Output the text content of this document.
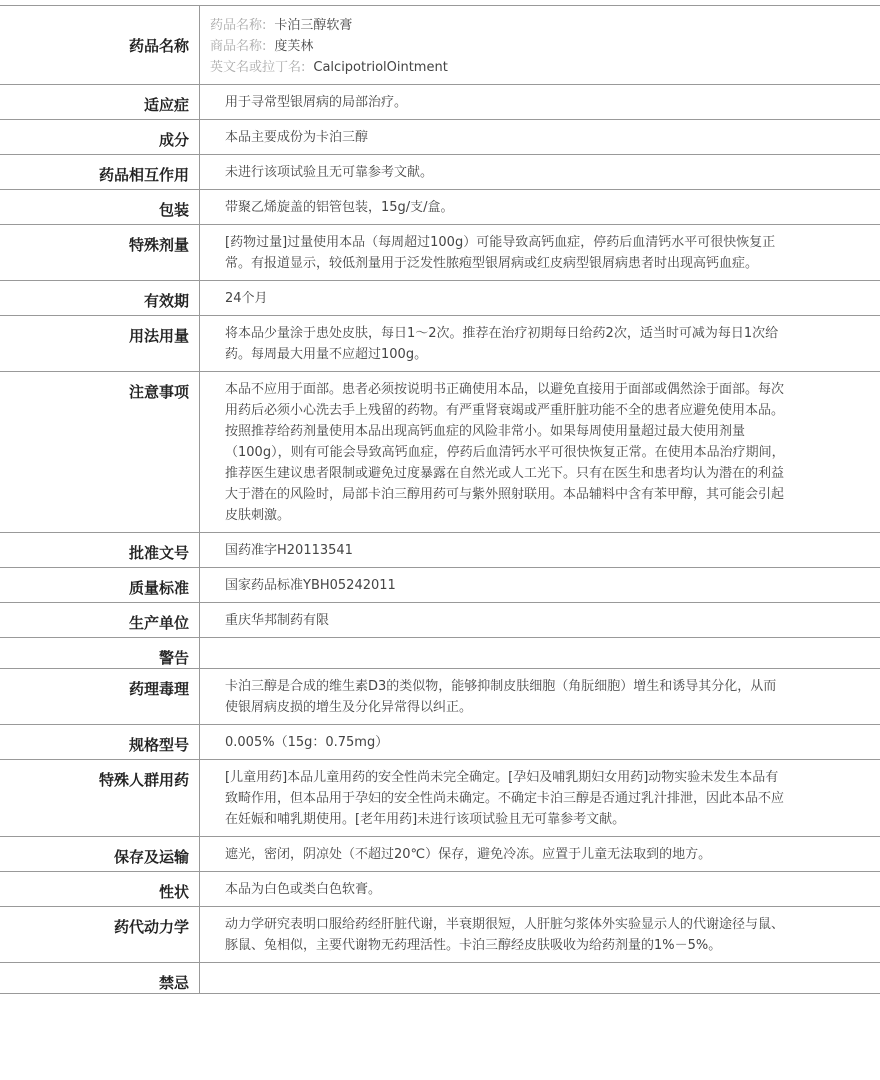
药品名称
药品名称: 卡泊三醇软膏
商品名称: 度芙林
英文名或拉丁名: CalcipotriolOintment
适应症	用于寻常型银屑病的局部治疗。
成分	本品主要成份为卡泊三醇
药品相互作用	未进行该项试验且无可靠参考文献。
包装	带聚乙烯旋盖的铝管包装，15g/支/盒。
特殊剂量	[药物过量]过量使用本品（每周超过100g）可能导致高钙血症，停药后血清钙水平可很快恢复正常。有报道显示，较低剂量用于泛发性脓疱型银屑病或红皮病型银屑病患者时出现高钙血症。
有效期	24个月
用法用量	将本品少量涂于患处皮肤，每日1～2次。推荐在治疗初期每日给药2次，适当时可减为每日1次给药。每周最大用量不应超过100g。
注意事项	本品不应用于面部。患者必须按说明书正确使用本品，以避免直接用于面部或偶然涂于面部。每次用药后必须小心洗去手上残留的药物。有严重肾衰竭或严重肝脏功能不全的患者应避免使用本品。按照推荐给药剂量使用本品出现高钙血症的风险非常小。如果每周使用量超过最大使用剂量（100g），则有可能会导致高钙血症，停药后血清钙水平可很快恢复正常。在使用本品治疗期间，推荐医生建议患者限制或避免过度暴露在自然光或人工光下。只有在医生和患者均认为潜在的利益大于潜在的风险时，局部卡泊三醇用药可与紫外照射联用。本品辅料中含有苯甲醇，其可能会引起皮肤刺激。
批准文号	国药准字H20113541
质量标准	国家药品标准YBH05242011
生产单位	重庆华邦制药有限
警告
药理毒理	卡泊三醇是合成的维生素D3的类似物，能够抑制皮肤细胞（角朊细胞）增生和诱导其分化，从而使银屑病皮损的增生及分化异常得以纠正。
规格型号	0.005%（15g：0.75mg）
特殊人群用药	[儿童用药]本品儿童用药的安全性尚未完全确定。[孕妇及哺乳期妇女用药]动物实验未发生本品有致畸作用，但本品用于孕妇的安全性尚未确定。不确定卡泊三醇是否通过乳汁排泄，因此本品不应在妊娠和哺乳期使用。[老年用药]未进行该项试验且无可靠参考文献。
保存及运输	遮光，密闭，阴凉处（不超过20℃）保存，避免冷冻。应置于儿童无法取到的地方。
性状	本品为白色或类白色软膏。
药代动力学	动力学研究表明口服给药经肝脏代谢，半衰期很短，人肝脏匀浆体外实验显示人的代谢途径与鼠、豚鼠、兔相似，主要代谢物无药理活性。卡泊三醇经皮肤吸收为给药剂量的1%－5%。
禁忌
